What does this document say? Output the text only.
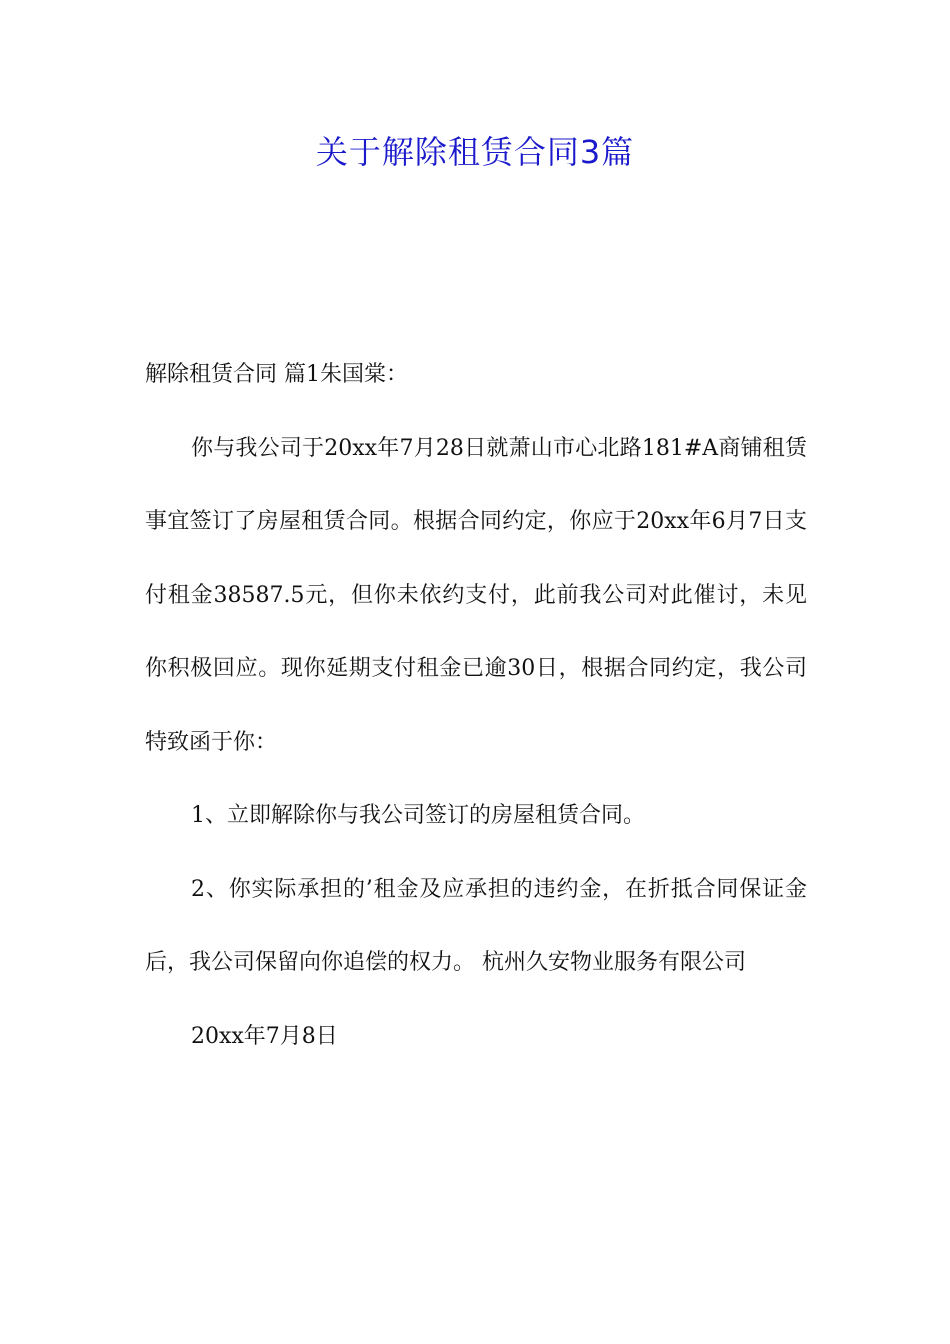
关于解除租赁合同3篇

解除租赁合同 篇1朱国棠：

你与我公司于20xx年7月28日就萧山市心北路181#A商铺租赁事宜签订了房屋租赁合同。根据合同约定，你应于20xx年6月7日支付租金38587.5元，但你未依约支付，此前我公司对此催讨，未见你积极回应。现你延期支付租金已逾30日，根据合同约定，我公司特致函于你：

1、立即解除你与我公司签订的房屋租赁合同。

2、你实际承担的’租金及应承担的违约金，在折抵合同保证金后，我公司保留向你追偿的权力。 杭州久安物业服务有限公司

20xx年7月8日
